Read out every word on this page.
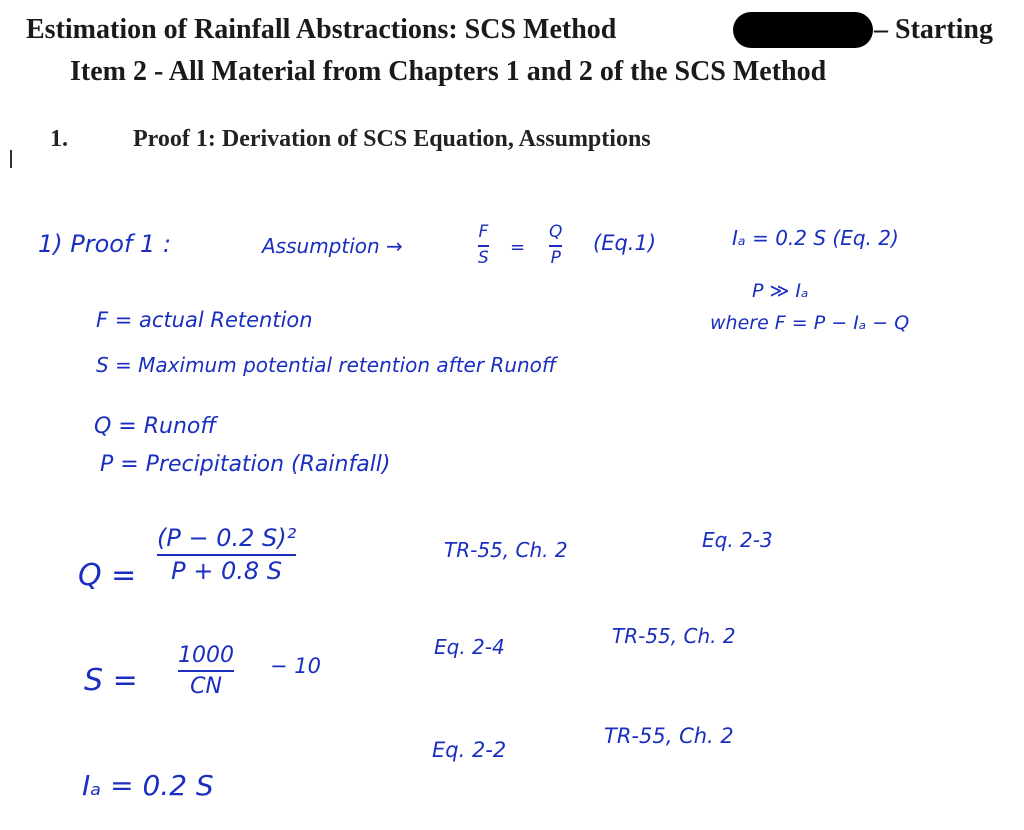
Estimation of Rainfall Abstractions: SCS Method	– Starting
Item 2 - All Material from Chapters 1 and 2 of the SCS Method
1.	Proof 1: Derivation of SCS Equation, Assumptions
1) Proof 1 :	Assumption →
F
S =
Q
P
(Eq.1)	Iₐ = 0.2 S (Eq. 2)
P ≫ Iₐ
where F = P − Iₐ − Q
F = actual Retention
S = Maximum potential retention after Runoff
Q = Runoff
P = Precipitation (Rainfall)
Q =
(P − 0.2 S)²
P + 0.8 S
TR-55, Ch. 2	Eq. 2-3
S =
1000
CN
− 10
Eq. 2-4	TR-55, Ch. 2
Iₐ = 0.2 S
Eq. 2-2
TR-55, Ch. 2
